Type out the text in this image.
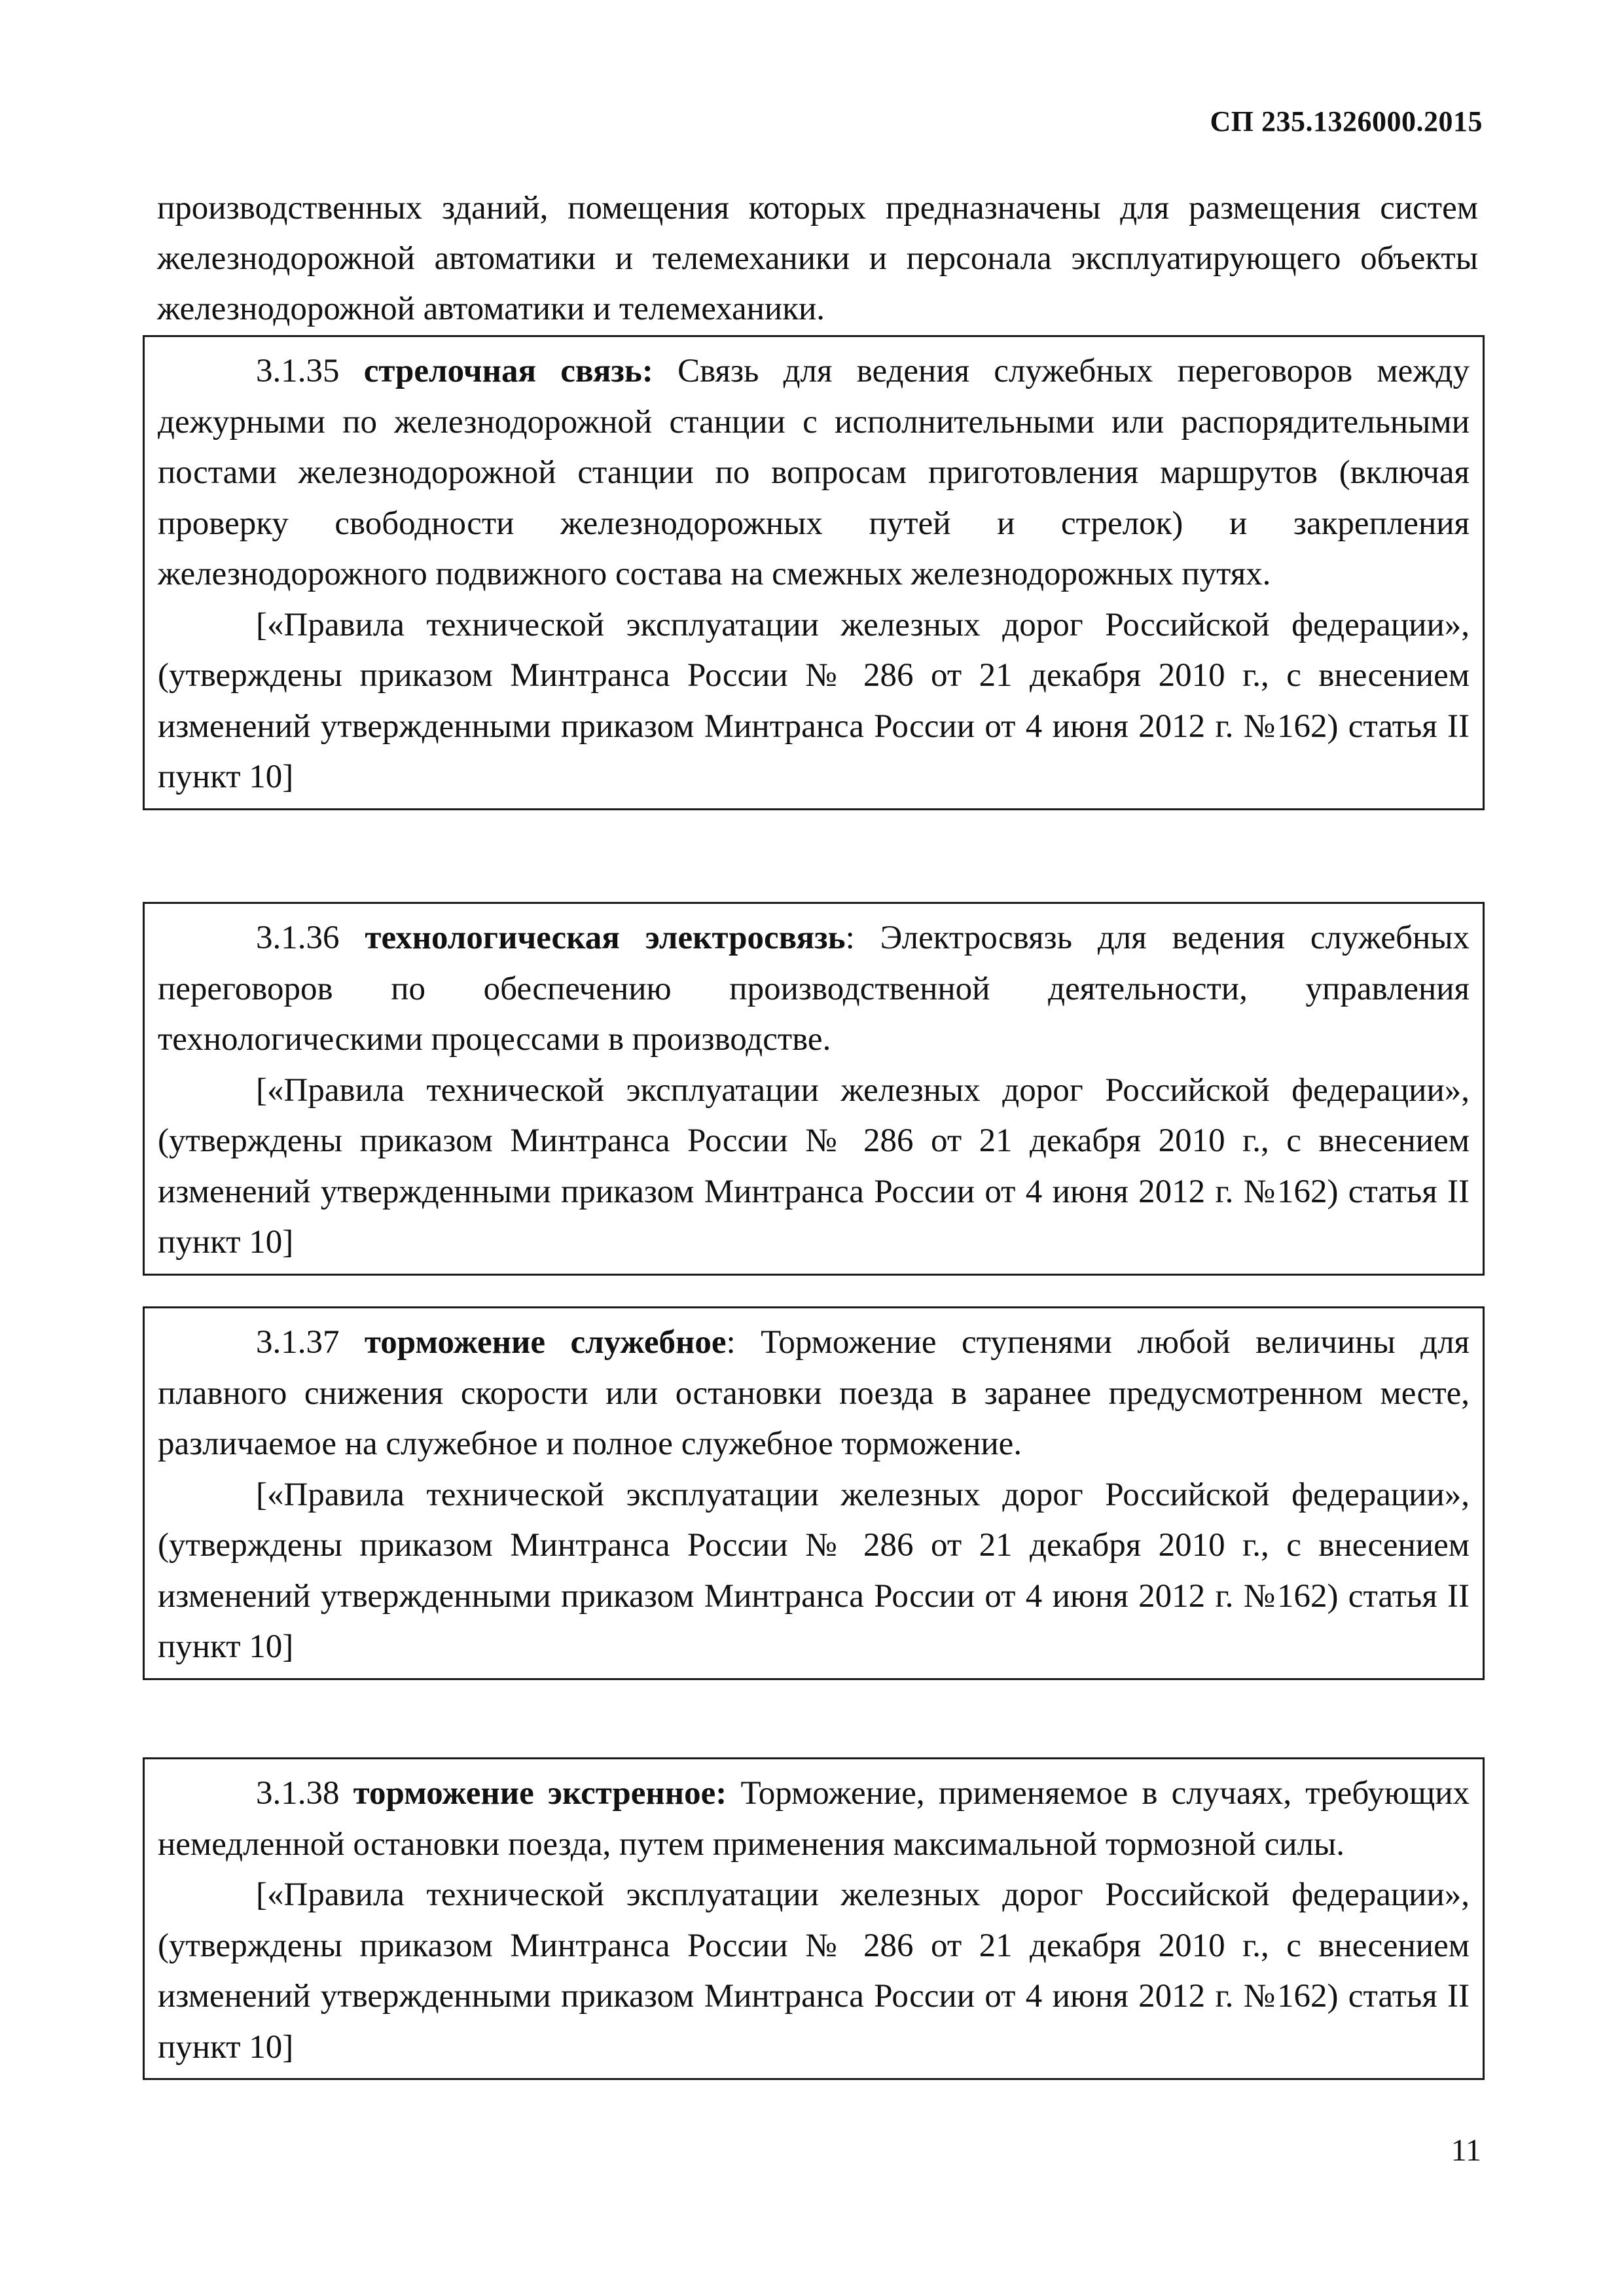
СП 235.1326000.2015
производственных зданий, помещения которых предназначены для размещения систем железнодорожной автоматики и телемеханики и персонала эксплуатирующего объекты железнодорожной автоматики и телемеханики.

3.1.35 стрелочная связь: Связь для ведения служебных переговоров между дежурными по железнодорожной станции с исполнительными или распорядительными постами железнодорожной станции по вопросам приготовления маршрутов (включая проверку свободности железнодорожных путей и стрелок) и закрепления железнодорожного подвижного состава на смежных железнодорожных путях.

[«Правила технической эксплуатации железных дорог Российской федерации», (утверждены приказом Минтранса России № 286 от 21 декабря 2010 г., с внесением изменений утвержденными приказом Минтранса России от 4 июня 2012 г. №162) статья II пункт 10]

3.1.36 технологическая электросвязь: Электросвязь для ведения служебных переговоров по обеспечению производственной деятельности, управления технологическими процессами в производстве.

[«Правила технической эксплуатации железных дорог Российской федерации», (утверждены приказом Минтранса России № 286 от 21 декабря 2010 г., с внесением изменений утвержденными приказом Минтранса России от 4 июня 2012 г. №162) статья II пункт 10]

3.1.37 торможение служебное: Торможение ступенями любой величины для плавного снижения скорости или остановки поезда в заранее предусмотренном месте, различаемое на служебное и полное служебное торможение.

[«Правила технической эксплуатации железных дорог Российской федерации», (утверждены приказом Минтранса России № 286 от 21 декабря 2010 г., с внесением изменений утвержденными приказом Минтранса России от 4 июня 2012 г. №162) статья II пункт 10]

3.1.38 торможение экстренное: Торможение, применяемое в случаях, требующих немедленной остановки поезда, путем применения максимальной тормозной силы.

[«Правила технической эксплуатации железных дорог Российской федерации», (утверждены приказом Минтранса России № 286 от 21 декабря 2010 г., с внесением изменений утвержденными приказом Минтранса России от 4 июня 2012 г. №162) статья II пункт 10]

11
